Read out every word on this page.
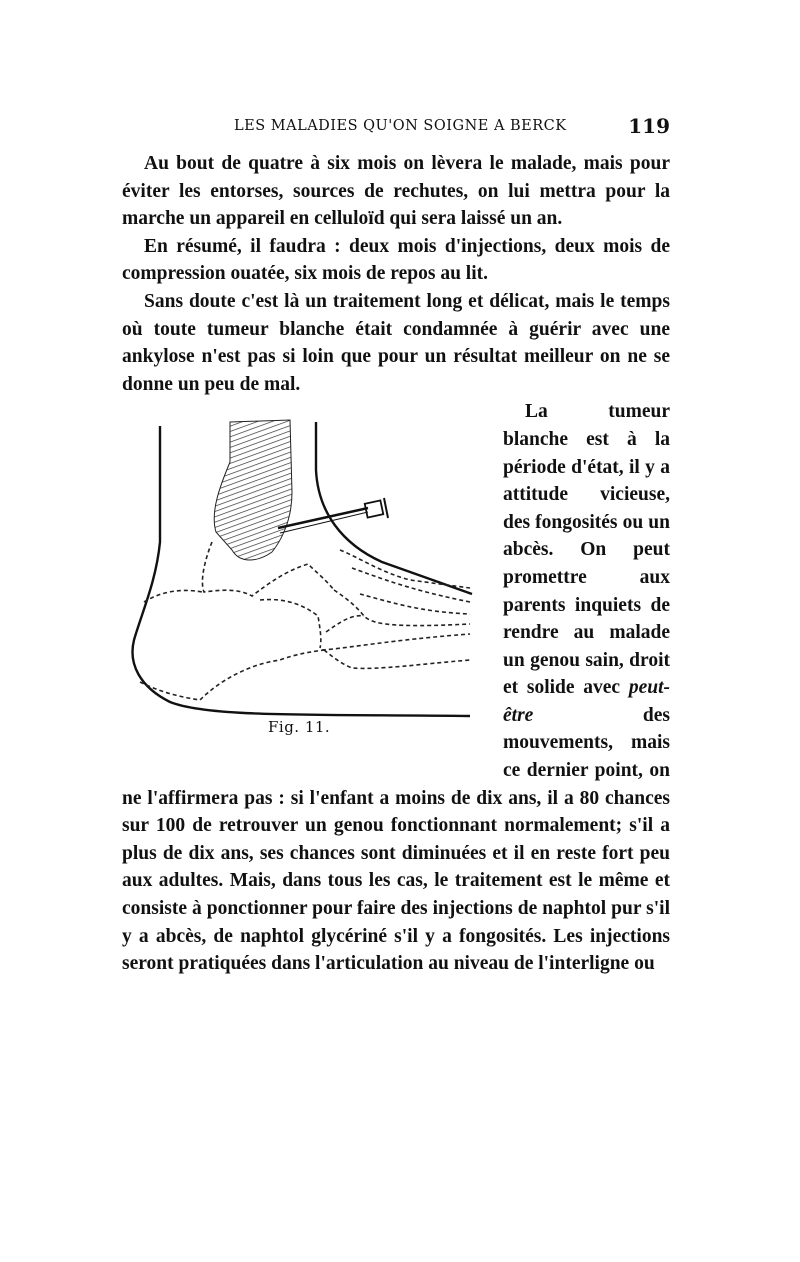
LES MALADIES QU'ON SOIGNE A BERCK	119

Au bout de quatre à six mois on lèvera le malade, mais pour éviter les entorses, sources de rechutes, on lui mettra pour la marche un appareil en celluloïd qui sera laissé un an.

En résumé, il faudra : deux mois d'injections, deux mois de compression ouatée, six mois de repos au lit.

Sans doute c'est là un traitement long et délicat, mais le temps où toute tumeur blanche était condamnée à guérir avec une ankylose n'est pas si loin que pour un résultat meilleur on ne se donne un peu de mal.

Fig. 11.

La tumeur blanche est à la période d'état, il y a attitude vicieuse, des fongosités ou un abcès. On peut promettre aux parents inquiets de rendre au malade un genou sain, droit et solide avec peut-être des mouvements, mais ce dernier point, on ne l'affirmera pas : si l'enfant a moins de dix ans, il a 80 chances sur 100 de retrouver un genou fonctionnant normalement; s'il a plus de dix ans, ses chances sont diminuées et il en reste fort peu aux adultes. Mais, dans tous les cas, le traitement est le même et consiste à ponctionner pour faire des injections de naphtol pur s'il y a abcès, de naphtol glycériné s'il y a fongosités. Les injections seront pratiquées dans l'articulation au niveau de l'interligne ou
